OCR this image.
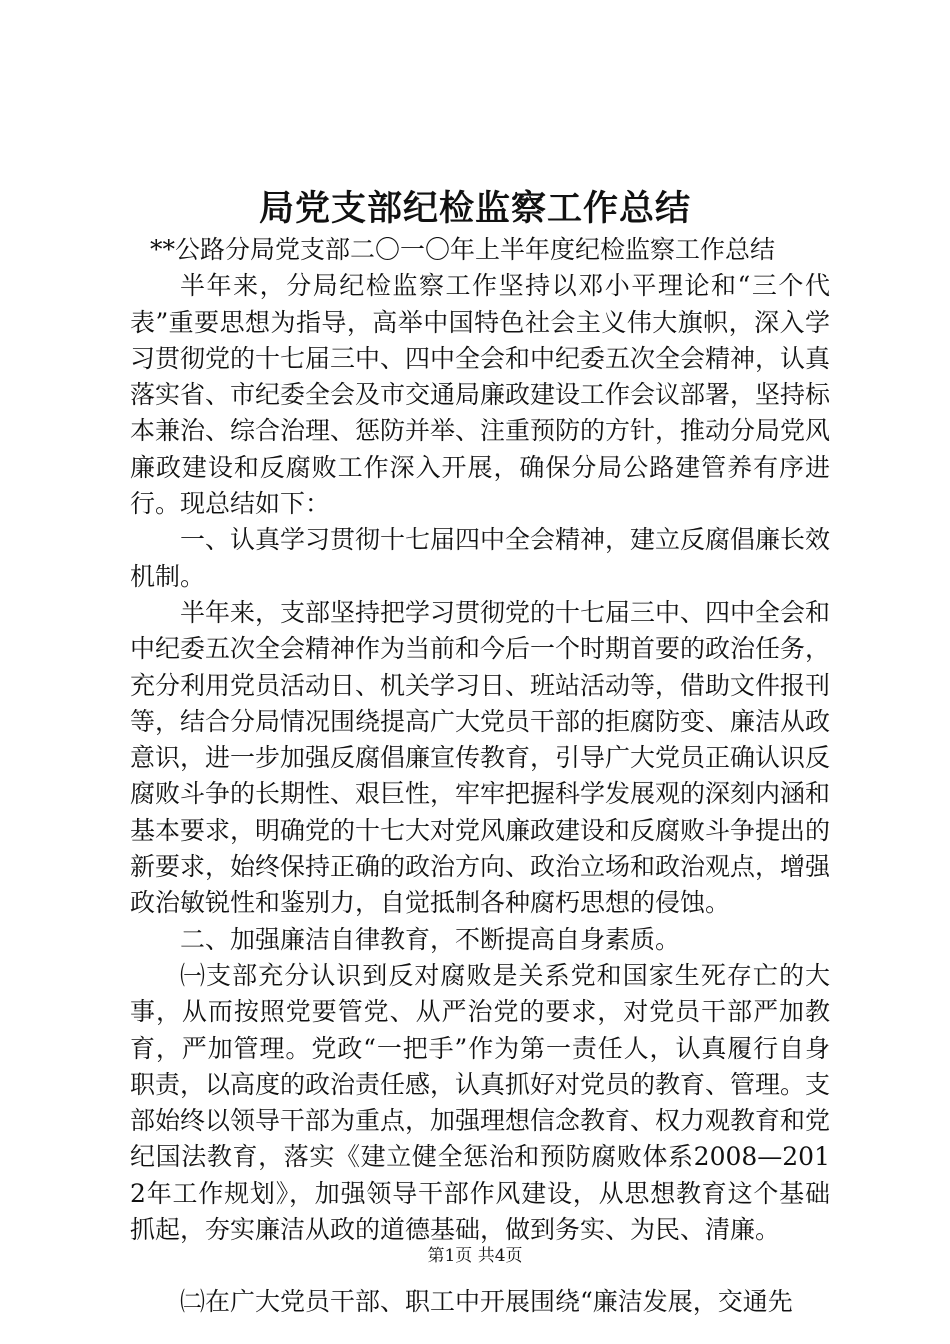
局党支部纪检监察工作总结

**公路分局党支部二〇一〇年上半年度纪检监察工作总结

半年来，分局纪检监察工作坚持以邓小平理论和“三个代表”重要思想为指导，高举中国特色社会主义伟大旗帜，深入学习贯彻党的十七届三中、四中全会和中纪委五次全会精神，认真落实省、市纪委全会及市交通局廉政建设工作会议部署，坚持标本兼治、综合治理、惩防并举、注重预防的方针，推动分局党风廉政建设和反腐败工作深入开展，确保分局公路建管养有序进行。现总结如下：

一、认真学习贯彻十七届四中全会精神，建立反腐倡廉长效机制。

半年来，支部坚持把学习贯彻党的十七届三中、四中全会和中纪委五次全会精神作为当前和今后一个时期首要的政治任务，充分利用党员活动日、机关学习日、班站活动等，借助文件报刊等，结合分局情况围绕提高广大党员干部的拒腐防变、廉洁从政意识，进一步加强反腐倡廉宣传教育，引导广大党员正确认识反腐败斗争的长期性、艰巨性，牢牢把握科学发展观的深刻内涵和基本要求，明确党的十七大对党风廉政建设和反腐败斗争提出的新要求，始终保持正确的政治方向、政治立场和政治观点，增强政治敏锐性和鉴别力，自觉抵制各种腐朽思想的侵蚀。

二、加强廉洁自律教育，不断提高自身素质。

㈠支部充分认识到反对腐败是关系党和国家生死存亡的大事，从而按照党要管党、从严治党的要求，对党员干部严加教育，严加管理。党政“一把手”作为第一责任人，认真履行自身职责，以高度的政治责任感，认真抓好对党员的教育、管理。支部始终以领导干部为重点，加强理想信念教育、权力观教育和党纪国法教育，落实《建立健全惩治和预防腐败体系2008—2012年工作规划》，加强领导干部作风建设，从思想教育这个基础抓起，夯实廉洁从政的道德基础，做到务实、为民、清廉。

㈡在广大党员干部、职工中开展围绕“廉洁发展，交通先

第1页 共4页
